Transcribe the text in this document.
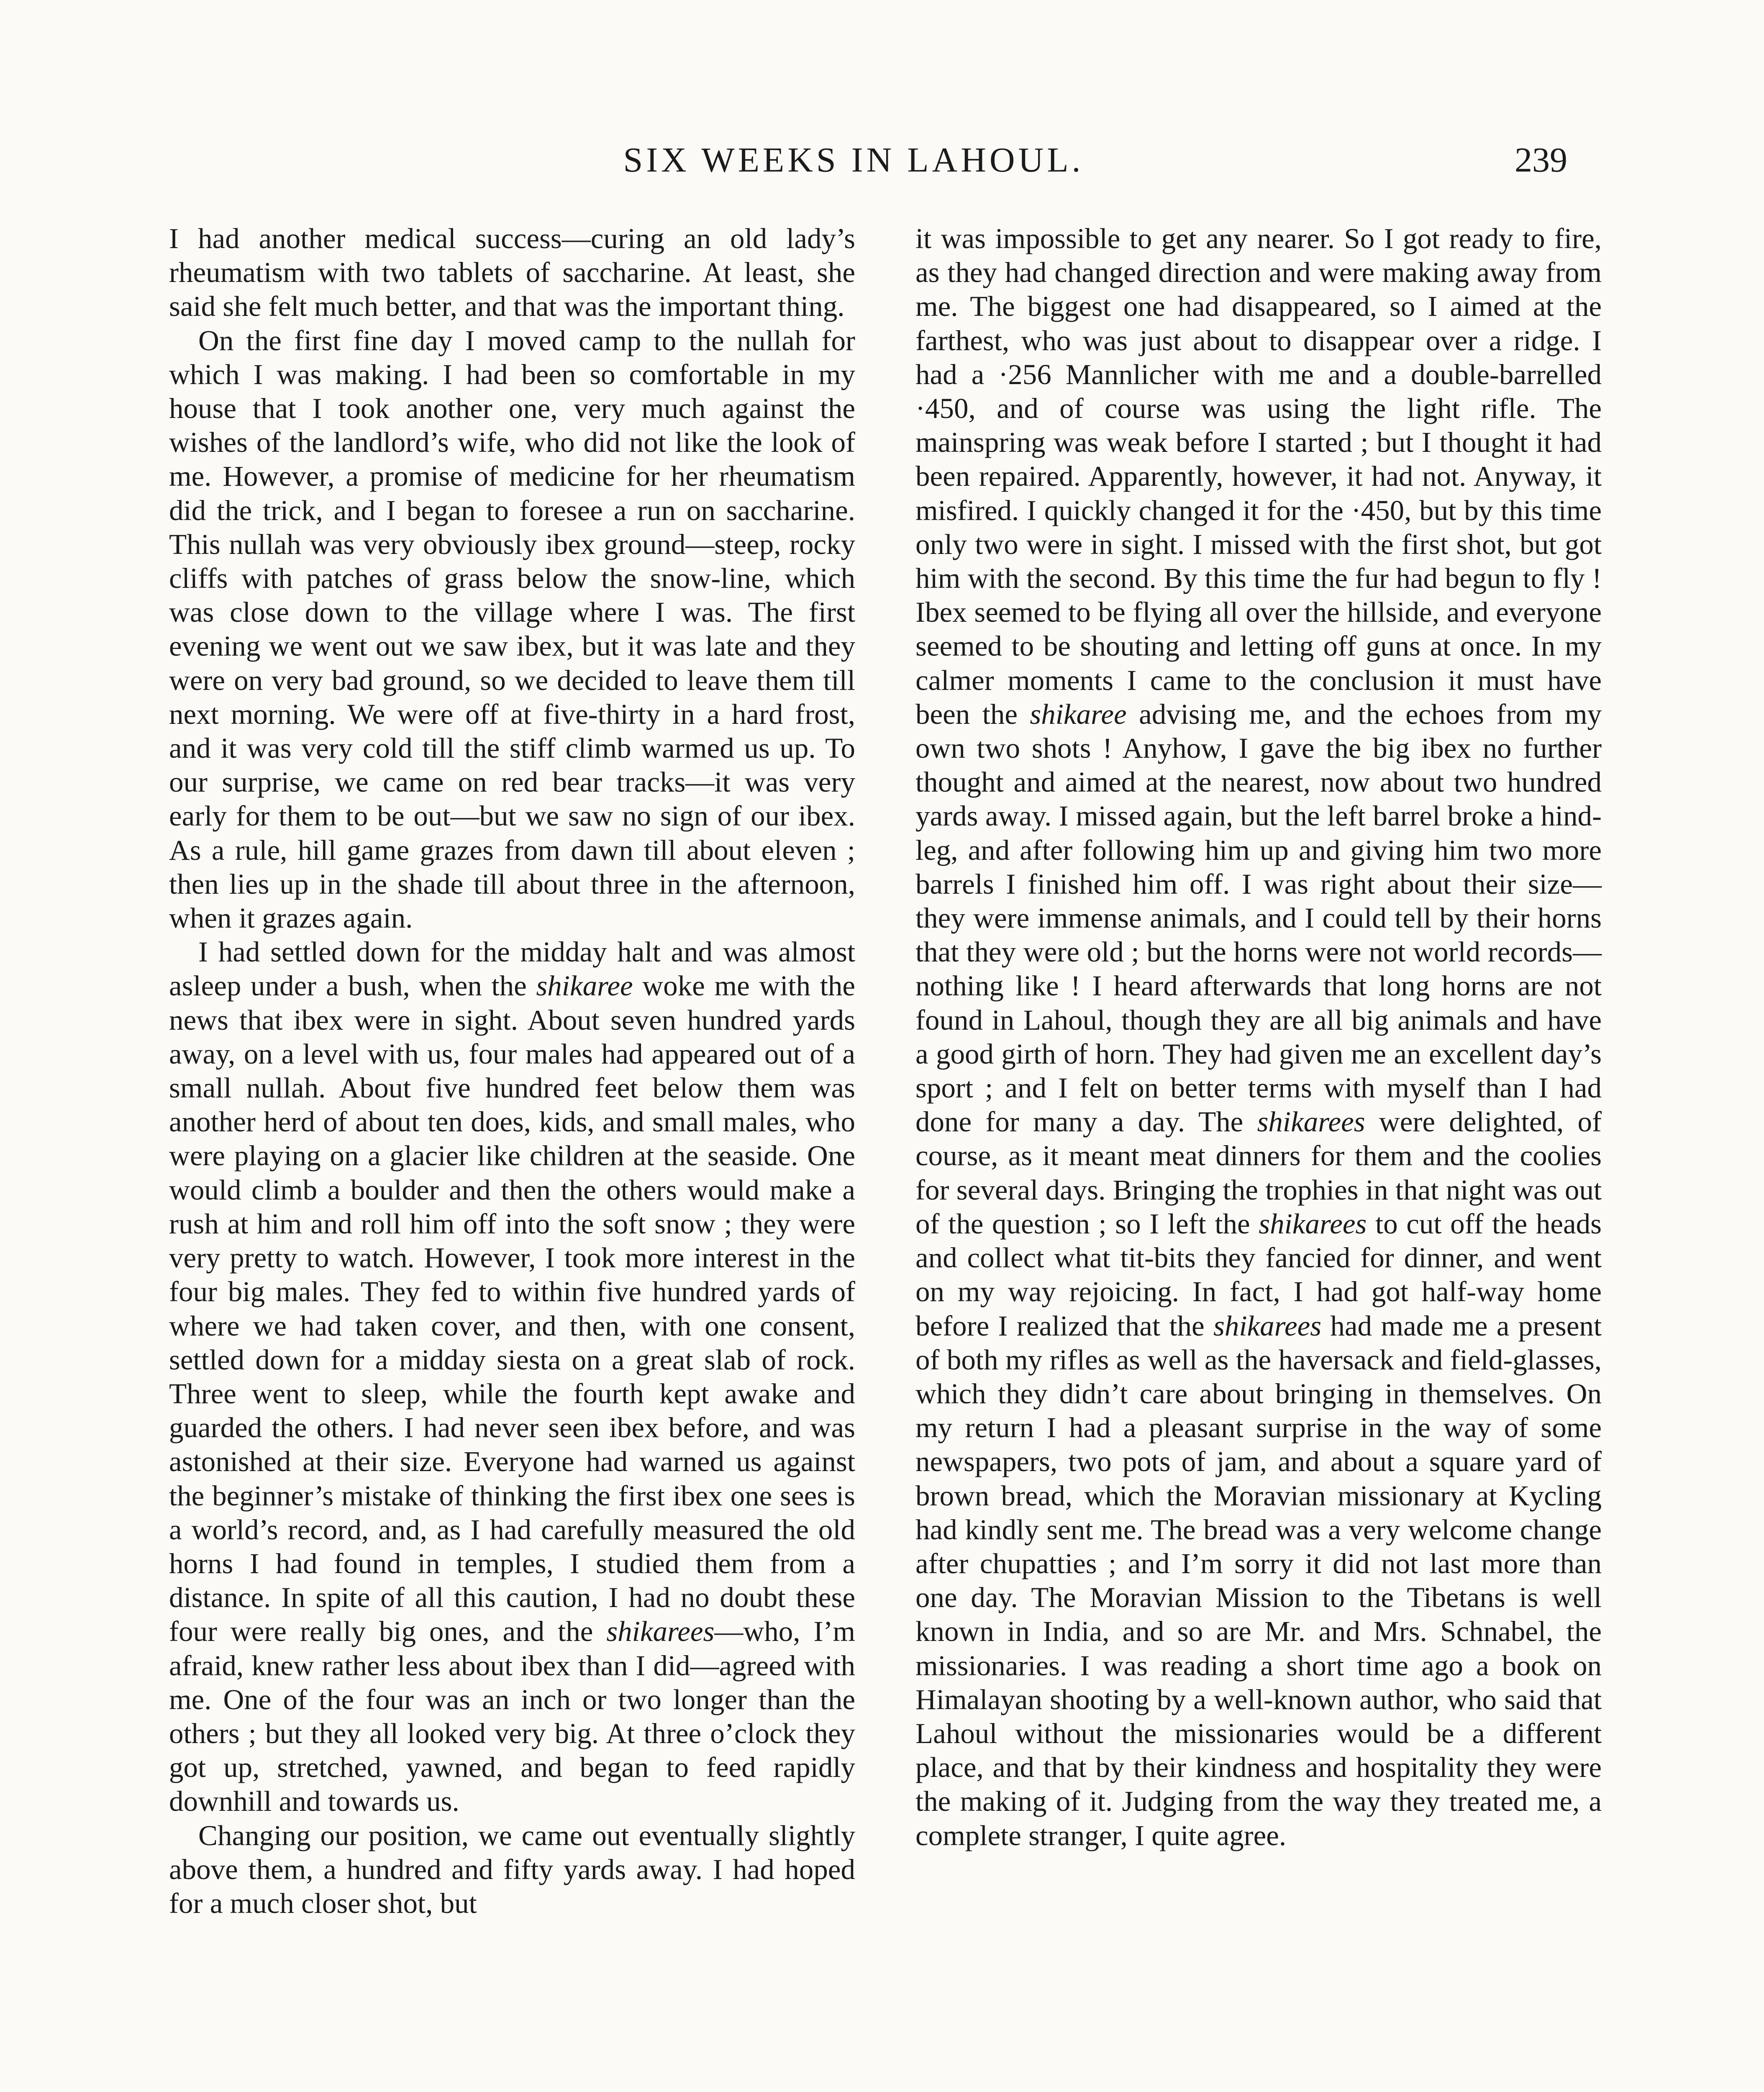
SIX WEEKS IN LAHOUL.	239

I had another medical success—curing an old lady’s rheumatism with two tablets of saccharine. At least, she said she felt much better, and that was the important thing.

On the first fine day I moved camp to the nullah for which I was making. I had been so comfortable in my house that I took another one, very much against the wishes of the landlord’s wife, who did not like the look of me. However, a promise of medicine for her rheumatism did the trick, and I began to foresee a run on saccharine. This nullah was very obviously ibex ground—steep, rocky cliffs with patches of grass below the snow-line, which was close down to the village where I was. The first evening we went out we saw ibex, but it was late and they were on very bad ground, so we decided to leave them till next morning. We were off at five-thirty in a hard frost, and it was very cold till the stiff climb warmed us up. To our surprise, we came on red bear tracks—it was very early for them to be out—but we saw no sign of our ibex. As a rule, hill game grazes from dawn till about eleven ; then lies up in the shade till about three in the afternoon, when it grazes again.

I had settled down for the midday halt and was almost asleep under a bush, when the shikaree woke me with the news that ibex were in sight. About seven hundred yards away, on a level with us, four males had appeared out of a small nullah. About five hundred feet below them was another herd of about ten does, kids, and small males, who were playing on a glacier like children at the seaside. One would climb a boulder and then the others would make a rush at him and roll him off into the soft snow ; they were very pretty to watch. However, I took more interest in the four big males. They fed to within five hundred yards of where we had taken cover, and then, with one consent, settled down for a midday siesta on a great slab of rock. Three went to sleep, while the fourth kept awake and guarded the others. I had never seen ibex before, and was astonished at their size. Everyone had warned us against the beginner’s mistake of thinking the first ibex one sees is a world’s record, and, as I had carefully measured the old horns I had found in temples, I studied them from a distance. In spite of all this caution, I had no doubt these four were really big ones, and the shikarees—who, I’m afraid, knew rather less about ibex than I did—agreed with me. One of the four was an inch or two longer than the others ; but they all looked very big. At three o’clock they got up, stretched, yawned, and began to feed rapidly downhill and towards us.

Changing our position, we came out eventually slightly above them, a hundred and fifty yards away. I had hoped for a much closer shot, but

it was impossible to get any nearer. So I got ready to fire, as they had changed direction and were making away from me. The biggest one had disappeared, so I aimed at the farthest, who was just about to disappear over a ridge. I had a ·256 Mannlicher with me and a double-barrelled ·450, and of course was using the light rifle. The mainspring was weak before I started ; but I thought it had been repaired. Apparently, however, it had not. Anyway, it misfired. I quickly changed it for the ·450, but by this time only two were in sight. I missed with the first shot, but got him with the second. By this time the fur had begun to fly ! Ibex seemed to be flying all over the hillside, and everyone seemed to be shouting and letting off guns at once. In my calmer moments I came to the conclusion it must have been the shikaree advising me, and the echoes from my own two shots ! Anyhow, I gave the big ibex no further thought and aimed at the nearest, now about two hundred yards away. I missed again, but the left barrel broke a hind-leg, and after following him up and giving him two more barrels I finished him off. I was right about their size—they were immense animals, and I could tell by their horns that they were old ; but the horns were not world records—nothing like ! I heard afterwards that long horns are not found in Lahoul, though they are all big animals and have a good girth of horn. They had given me an excellent day’s sport ; and I felt on better terms with myself than I had done for many a day. The shikarees were delighted, of course, as it meant meat dinners for them and the coolies for several days. Bringing the trophies in that night was out of the question ; so I left the shikarees to cut off the heads and collect what tit-bits they fancied for dinner, and went on my way rejoicing. In fact, I had got half-way home before I realized that the shikarees had made me a present of both my rifles as well as the haversack and field-glasses, which they didn’t care about bringing in themselves. On my return I had a pleasant surprise in the way of some newspapers, two pots of jam, and about a square yard of brown bread, which the Moravian missionary at Kycling had kindly sent me. The bread was a very welcome change after chupatties ; and I’m sorry it did not last more than one day. The Moravian Mission to the Tibetans is well known in India, and so are Mr. and Mrs. Schnabel, the missionaries. I was reading a short time ago a book on Himalayan shooting by a well-known author, who said that Lahoul without the missionaries would be a different place, and that by their kindness and hospitality they were the making of it. Judging from the way they treated me, a complete stranger, I quite agree.
